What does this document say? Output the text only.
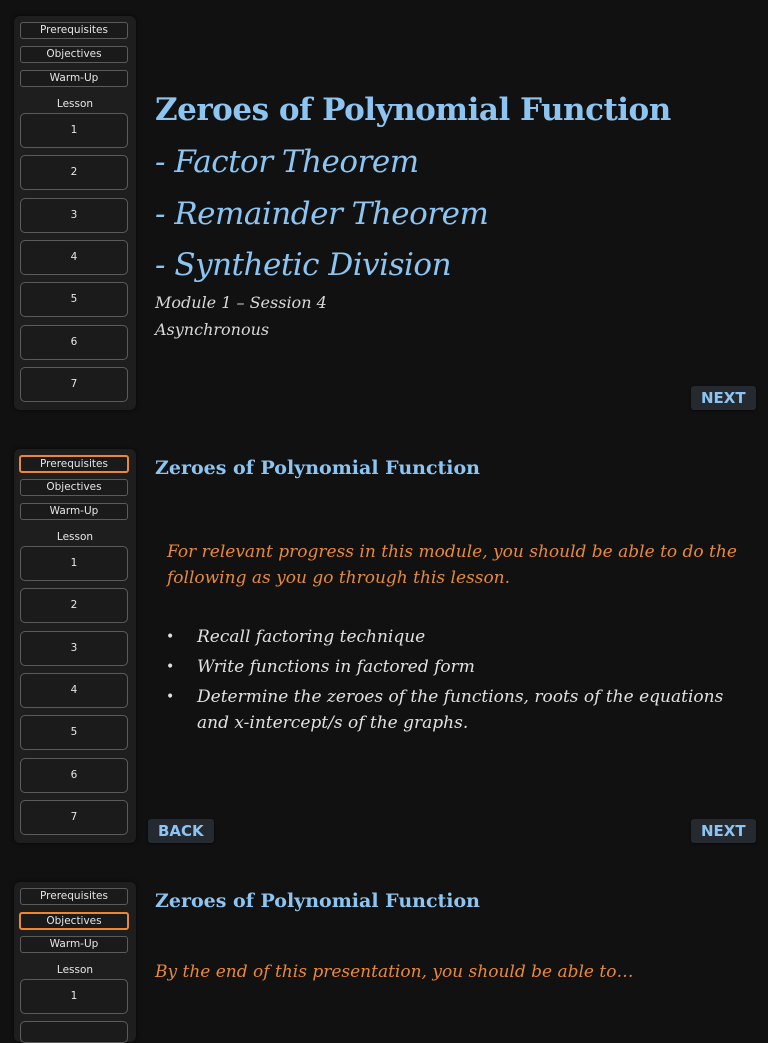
Prerequisites
Objectives
Warm-Up
Lesson
1
2
3
4
5
6
7
Zeroes of Polynomial Function
- Factor Theorem
- Remainder Theorem
- Synthetic Division
Module 1 – Session 4
Asynchronous
NEXT
Prerequisites
Objectives
Warm-Up
Lesson
1
2
3
4
5
6
7
Zeroes of Polynomial Function
For relevant progress in this module, you should be able to do the following as you go through this lesson.
• Recall factoring technique
• Write functions in factored form
• Determine the zeroes of the functions, roots of the equations and x-intercept/s of the graphs.
BACK	NEXT
Prerequisites
Objectives
Warm-Up
Lesson
1
Zeroes of Polynomial Function
By the end of this presentation, you should be able to…
